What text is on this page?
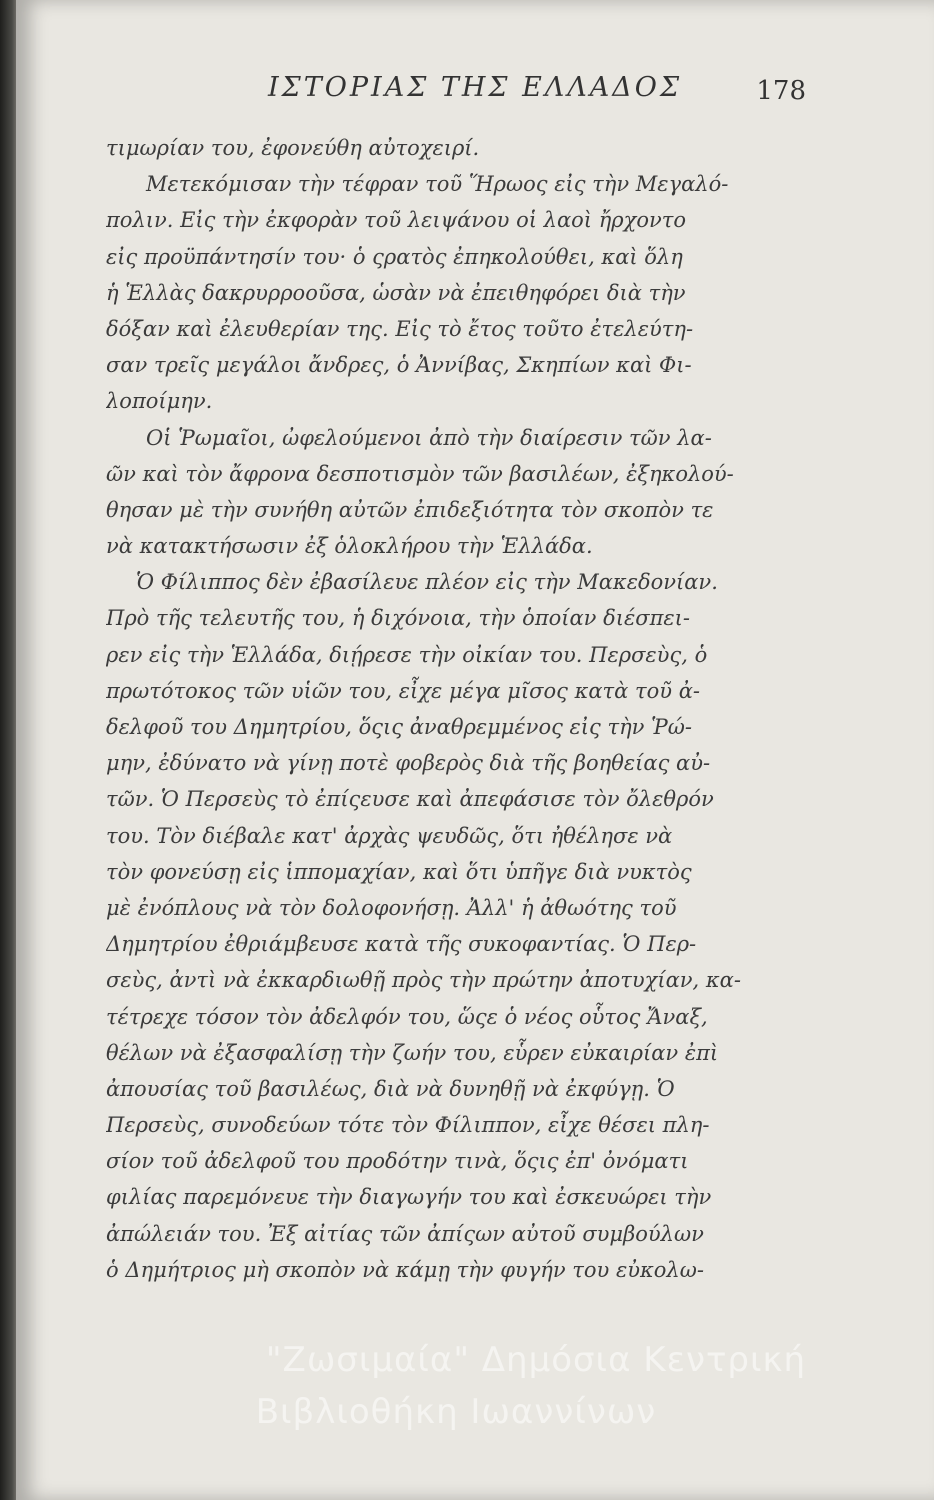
ΙΣΤΟΡΙΑΣ ΤΗΣ ΕΛΛΑΔΟΣ	178
τιμωρίαν του, ἐφονεύθη αὐτοχειρί.
Μετεκόμισαν τὴν τέφραν τοῦ Ἥρωος εἰς τὴν Μεγαλό-
πολιν. Εἰς τὴν ἐκφορὰν τοῦ λειψάνου οἱ λαοὶ ἤρχοντο
εἰς προϋπάντησίν του· ὁ ςρατὸς ἐπηκολούθει, καὶ ὅλη
ἡ Ἑλλὰς δακρυρροοῦσα, ὡσὰν νὰ ἐπειθηφόρει διὰ τὴν
δόξαν καὶ ἐλευθερίαν της. Εἰς τὸ ἔτος τοῦτο ἐτελεύτη-
σαν τρεῖς μεγάλοι ἄνδρες, ὁ Ἀννίβας, Σκηπίων καὶ Φι-
λοποίμην.
Οἱ Ῥωμαῖοι, ὠφελούμενοι ἀπὸ τὴν διαίρεσιν τῶν λα-
ῶν καὶ τὸν ἄφρονα δεσποτισμὸν τῶν βασιλέων, ἐξηκολού-
θησαν μὲ τὴν συνήθη αὐτῶν ἐπιδεξιότητα τὸν σκοπὸν τε
νὰ κατακτήσωσιν ἐξ ὁλοκλήρου τὴν Ἑλλάδα.
Ὁ Φίλιππος δὲν ἐβασίλευε πλέον εἰς τὴν Μακεδονίαν.
Πρὸ τῆς τελευτῆς του, ἡ διχόνοια, τὴν ὁποίαν διέσπει-
ρεν εἰς τὴν Ἑλλάδα, διῄρεσε τὴν οἰκίαν του. Περσεὺς, ὁ
πρωτότοκος τῶν υἱῶν του, εἶχε μέγα μῖσος κατὰ τοῦ ἀ-
δελφοῦ του Δημητρίου, ὅςις ἀναθρεμμένος εἰς τὴν Ῥώ-
μην, ἐδύνατο νὰ γίνῃ ποτὲ φοβερὸς διὰ τῆς βοηθείας αὐ-
τῶν. Ὁ Περσεὺς τὸ ἐπίςευσε καὶ ἀπεφάσισε τὸν ὄλεθρόν
του. Τὸν διέβαλε κατ' ἀρχὰς ψευδῶς, ὅτι ἠθέλησε νὰ
τὸν φονεύσῃ εἰς ἱππομαχίαν, καὶ ὅτι ὑπῆγε διὰ νυκτὸς
μὲ ἐνόπλους νὰ τὸν δολοφονήσῃ. Ἀλλ' ἡ ἀθωότης τοῦ
Δημητρίου ἐθριάμβευσε κατὰ τῆς συκοφαντίας. Ὁ Περ-
σεὺς, ἀντὶ νὰ ἐκκαρδιωθῇ πρὸς τὴν πρώτην ἀποτυχίαν, κα-
τέτρεχε τόσον τὸν ἀδελφόν του, ὥςε ὁ νέος οὗτος Ἄναξ,
θέλων νὰ ἐξασφαλίσῃ τὴν ζωήν του, εὗρεν εὐκαιρίαν ἐπὶ
ἀπουσίας τοῦ βασιλέως, διὰ νὰ δυνηθῇ νὰ ἐκφύγῃ. Ὁ
Περσεὺς, συνοδεύων τότε τὸν Φίλιππον, εἶχε θέσει πλη-
σίον τοῦ ἀδελφοῦ του προδότην τινὰ, ὅςις ἐπ' ὀνόματι
φιλίας παρεμόνευε τὴν διαγωγήν του καὶ ἐσκευώρει τὴν
ἀπώλειάν του. Ἐξ αἰτίας τῶν ἀπίςων αὐτοῦ συμβούλων
ὁ Δημήτριος μὴ σκοπὸν νὰ κάμῃ τὴν φυγήν του εὐκολω-
"Ζωσιμαία" Δημόσια Κεντρική
Βιβλιοθήκη Ιωαννίνων
